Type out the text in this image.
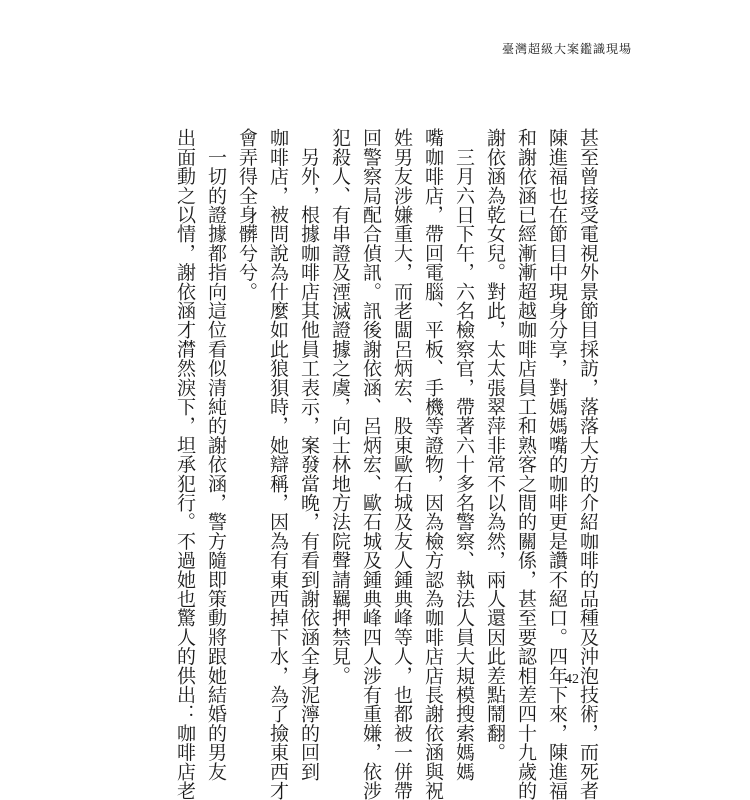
臺灣超級大案鑑識現場
甚至曾接受電視外景節目採訪，落落大方的介紹咖啡的品種及沖泡技術，而死者
陳進福也在節目中現身分享，對媽媽嘴的咖啡更是讚不絕口。四年下來，陳進福
和謝依涵已經漸漸超越咖啡店員工和熟客之間的關係，甚至要認相差四十九歲的
謝依涵為乾女兒。對此，太太張翠萍非常不以為然，兩人還因此差點鬧翻。
　三月六日下午，六名檢察官，帶著六十多名警察、執法人員大規模搜索媽媽
嘴咖啡店，帶回電腦、平板、手機等證物，因為檢方認為咖啡店店長謝依涵與祝
姓男友涉嫌重大，而老闆呂炳宏、股東歐石城及友人鍾典峰等人，也都被一併帶
回警察局配合偵訊。訊後謝依涵、呂炳宏、歐石城及鍾典峰四人涉有重嫌，依涉
犯殺人、有串證及湮滅證據之虞，向士林地方法院聲請羈押禁見。
　另外，根據咖啡店其他員工表示，案發當晚，有看到謝依涵全身泥濘的回到
咖啡店，被問說為什麼如此狼狽時，她辯稱，因為有東西掉下水，為了撿東西才
會弄得全身髒兮兮。
　一切的證據都指向這位看似清純的謝依涵，警方隨即策動將跟她結婚的男友
出面動之以情，謝依涵才潸然淚下，坦承犯行。不過她也驚人的供出：咖啡店老	42
